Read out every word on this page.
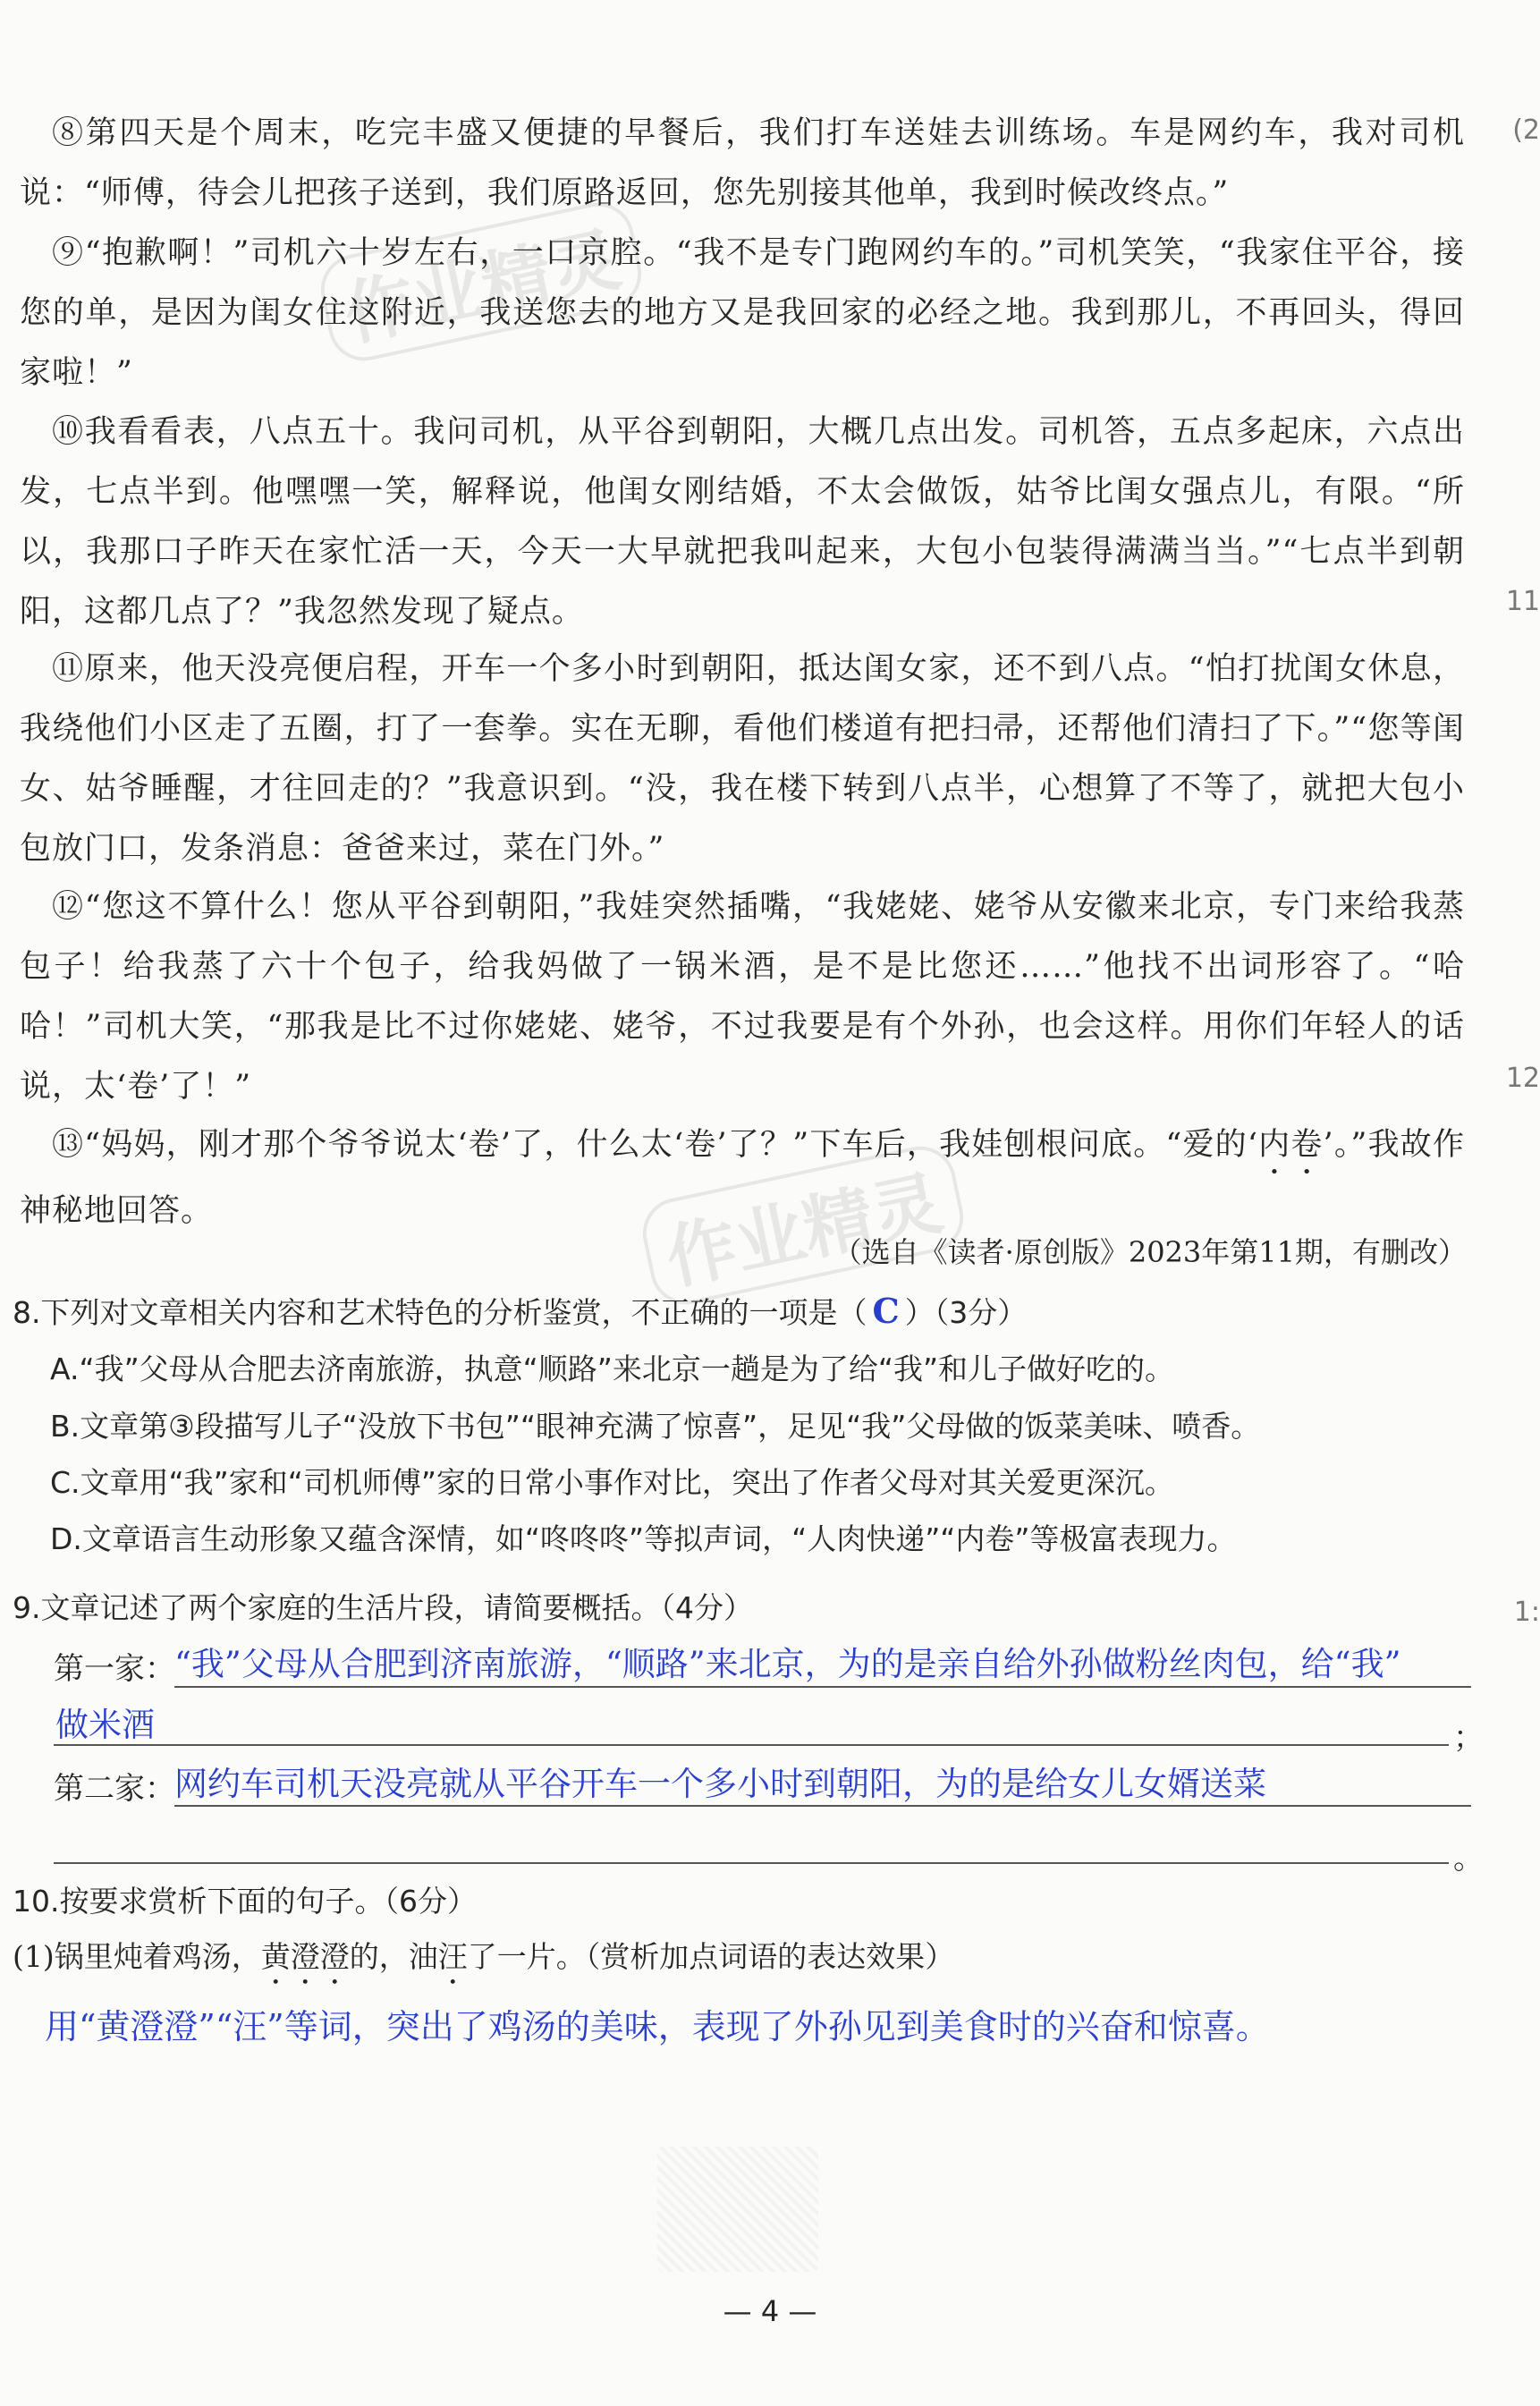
作业精灵
作业精灵
(2
11
12
1:

⑧第四天是个周末，吃完丰盛又便捷的早餐后，我们打车送娃去训练场。车是网约车，我对司机说：“师傅，待会儿把孩子送到，我们原路返回，您先别接其他单，我到时候改终点。”

⑨“抱歉啊！”司机六十岁左右，一口京腔。“我不是专门跑网约车的。”司机笑笑，“我家住平谷，接您的单，是因为闺女住这附近，我送您去的地方又是我回家的必经之地。我到那儿，不再回头，得回家啦！”

⑩我看看表，八点五十。我问司机，从平谷到朝阳，大概几点出发。司机答，五点多起床，六点出发，七点半到。他嘿嘿一笑，解释说，他闺女刚结婚，不太会做饭，姑爷比闺女强点儿，有限。“所以，我那口子昨天在家忙活一天，今天一大早就把我叫起来，大包小包装得满满当当。”“七点半到朝阳，这都几点了？”我忽然发现了疑点。

⑪原来，他天没亮便启程，开车一个多小时到朝阳，抵达闺女家，还不到八点。“怕打扰闺女休息，我绕他们小区走了五圈，打了一套拳。实在无聊，看他们楼道有把扫帚，还帮他们清扫了下。”“您等闺女、姑爷睡醒，才往回走的？”我意识到。“没，我在楼下转到八点半，心想算了不等了，就把大包小包放门口，发条消息：爸爸来过，菜在门外。”

⑫“您这不算什么！您从平谷到朝阳，”我娃突然插嘴，“我姥姥、姥爷从安徽来北京，专门来给我蒸包子！给我蒸了六十个包子，给我妈做了一锅米酒，是不是比您还……”他找不出词形容了。“哈哈！”司机大笑，“那我是比不过你姥姥、姥爷，不过我要是有个外孙，也会这样。用你们年轻人的话说，太‘卷’了！”

⑬“妈妈，刚才那个爷爷说太‘卷’了，什么太‘卷’了？”下车后，我娃刨根问底。“爱的‘内卷’。”我故作神秘地回答。

（选自《读者·原创版》2023年第11期，有删改）

8.下列对文章相关内容和艺术特色的分析鉴赏，不正确的一项是（ C ）（3分）

A.“我”父母从合肥去济南旅游，执意“顺路”来北京一趟是为了给“我”和儿子做好吃的。

B.文章第③段描写儿子“没放下书包”“眼神充满了惊喜”，足见“我”父母做的饭菜美味、喷香。

C.文章用“我”家和“司机师傅”家的日常小事作对比，突出了作者父母对其关爱更深沉。

D.文章语言生动形象又蕴含深情，如“咚咚咚”等拟声词，“人肉快递”“内卷”等极富表现力。

9.文章记述了两个家庭的生活片段，请简要概括。（4分）

第一家： “我”父母从合肥到济南旅游，“顺路”来北京，为的是亲自给外孙做粉丝肉包，给“我”
做米酒	；
第二家： 网约车司机天没亮就从平谷开车一个多小时到朝阳，为的是给女儿女婿送菜
。

10.按要求赏析下面的句子。（6分）

(1)锅里炖着鸡汤，黄澄澄的，油汪了一片。（赏析加点词语的表达效果）

用“黄澄澄”“汪”等词，突出了鸡汤的美味，表现了外孙见到美食时的兴奋和惊喜。
— 4 —
